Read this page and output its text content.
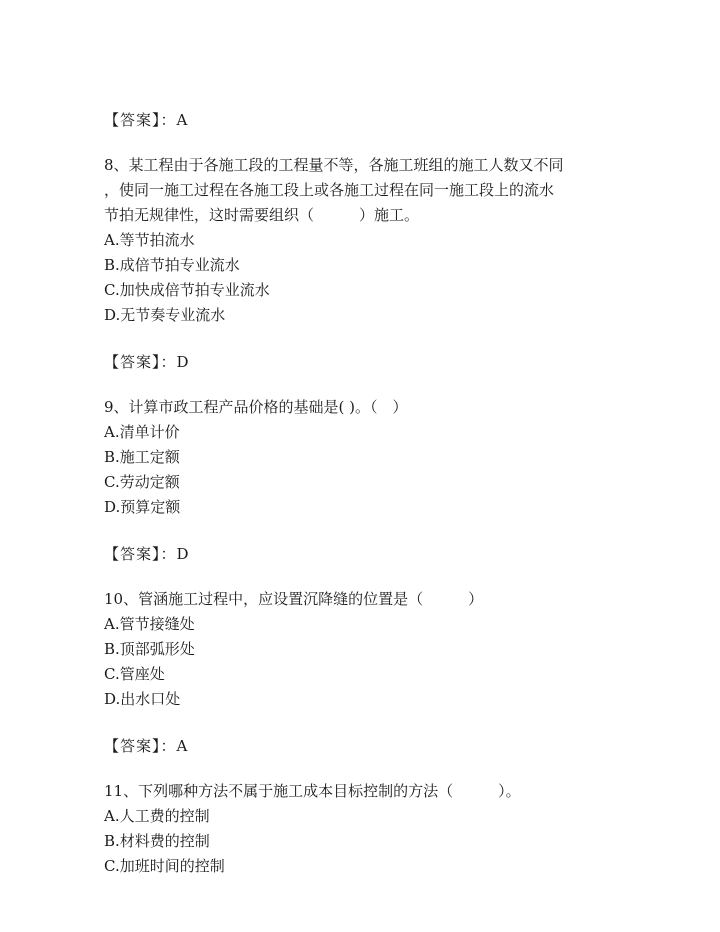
【答案】：A
8、某工程由于各施工段的工程量不等，各施工班组的施工人数又不同
，使同一施工过程在各施工段上或各施工过程在同一施工段上的流水
节拍无规律性，这时需要组织（　　　）施工。
A.等节拍流水
B.成倍节拍专业流水
C.加快成倍节拍专业流水
D.无节奏专业流水
【答案】：D
9、计算市政工程产品价格的基础是( )。（　）
A.清单计价
B.施工定额
C.劳动定额
D.预算定额
【答案】：D
10、管涵施工过程中，应设置沉降缝的位置是（　　　）
A.管节接缝处
B.顶部弧形处
C.管座处
D.出水口处
【答案】：A
11、下列哪种方法不属于施工成本目标控制的方法（　　　）。
A.人工费的控制
B.材料费的控制
C.加班时间的控制
